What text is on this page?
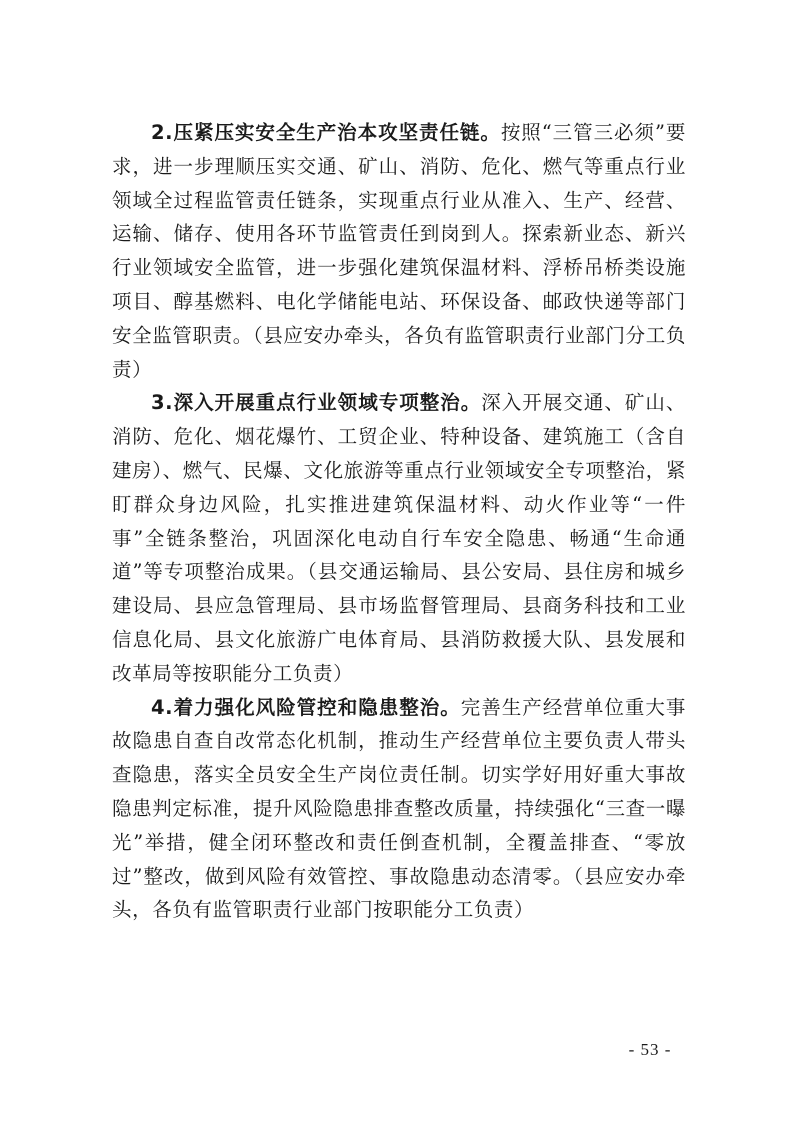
2.压紧压实安全生产治本攻坚责任链。按照“三管三必须”要求，进一步理顺压实交通、矿山、消防、危化、燃气等重点行业领域全过程监管责任链条，实现重点行业从准入、生产、经营、运输、储存、使用各环节监管责任到岗到人。探索新业态、新兴行业领域安全监管，进一步强化建筑保温材料、浮桥吊桥类设施项目、醇基燃料、电化学储能电站、环保设备、邮政快递等部门安全监管职责。（县应安办牵头，各负有监管职责行业部门分工负责）

3.深入开展重点行业领域专项整治。深入开展交通、矿山、消防、危化、烟花爆竹、工贸企业、特种设备、建筑施工（含自建房）、燃气、民爆、文化旅游等重点行业领域安全专项整治，紧盯群众身边风险，扎实推进建筑保温材料、动火作业等“一件事”全链条整治，巩固深化电动自行车安全隐患、畅通“生命通道”等专项整治成果。（县交通运输局、县公安局、县住房和城乡建设局、县应急管理局、县市场监督管理局、县商务科技和工业信息化局、县文化旅游广电体育局、县消防救援大队、县发展和改革局等按职能分工负责）

4.着力强化风险管控和隐患整治。完善生产经营单位重大事故隐患自查自改常态化机制，推动生产经营单位主要负责人带头查隐患，落实全员安全生产岗位责任制。切实学好用好重大事故隐患判定标准，提升风险隐患排查整改质量，持续强化“三查一曝光”举措，健全闭环整改和责任倒查机制，全覆盖排查、“零放过”整改，做到风险有效管控、事故隐患动态清零。（县应安办牵头，各负有监管职责行业部门按职能分工负责）

- 53 -
